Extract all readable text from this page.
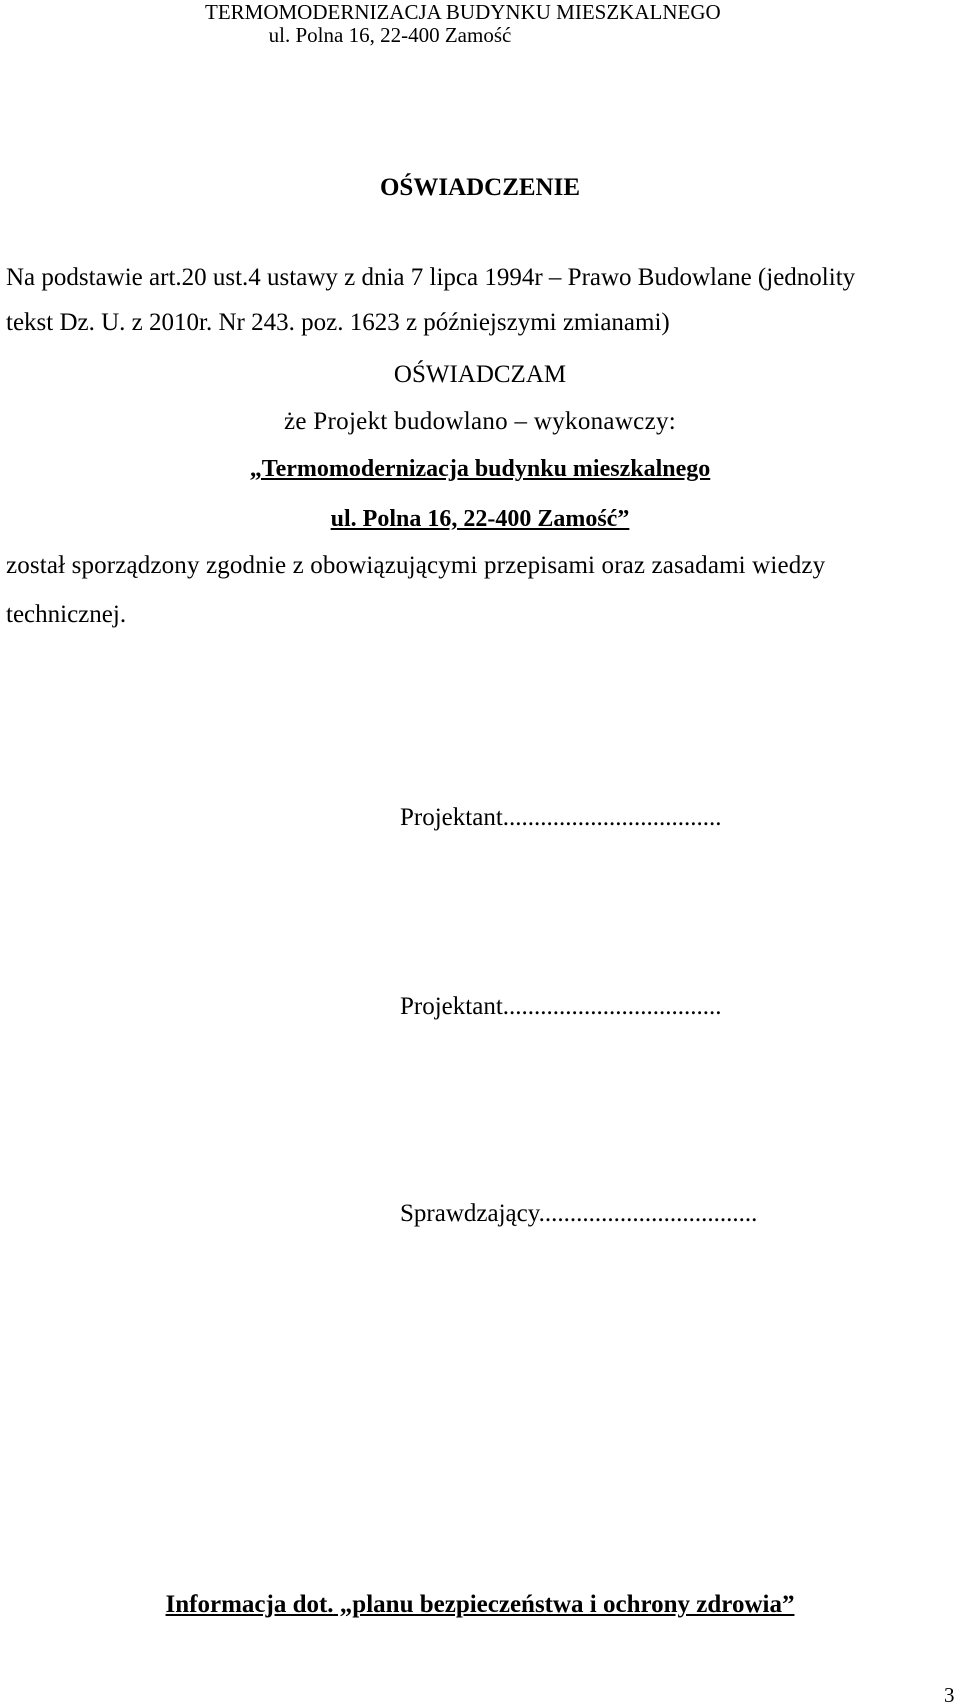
TERMOMODERNIZACJA BUDYNKU MIESZKALNEGO
ul. Polna 16, 22-400 Zamość
OŚWIADCZENIE
Na podstawie art.20 ust.4 ustawy z dnia 7 lipca 1994r – Prawo Budowlane (jednolity
tekst Dz. U. z 2010r. Nr 243. poz. 1623 z późniejszymi zmianami)
OŚWIADCZAM
że Projekt budowlano – wykonawczy:
„Termomodernizacja budynku mieszkalnego
ul. Polna 16, 22-400 Zamość”
został sporządzony zgodnie z obowiązującymi przepisami oraz zasadami wiedzy
technicznej.
Projektant...................................
Projektant...................................
Sprawdzający...................................
Informacja dot. „planu bezpieczeństwa i ochrony zdrowia”
3
